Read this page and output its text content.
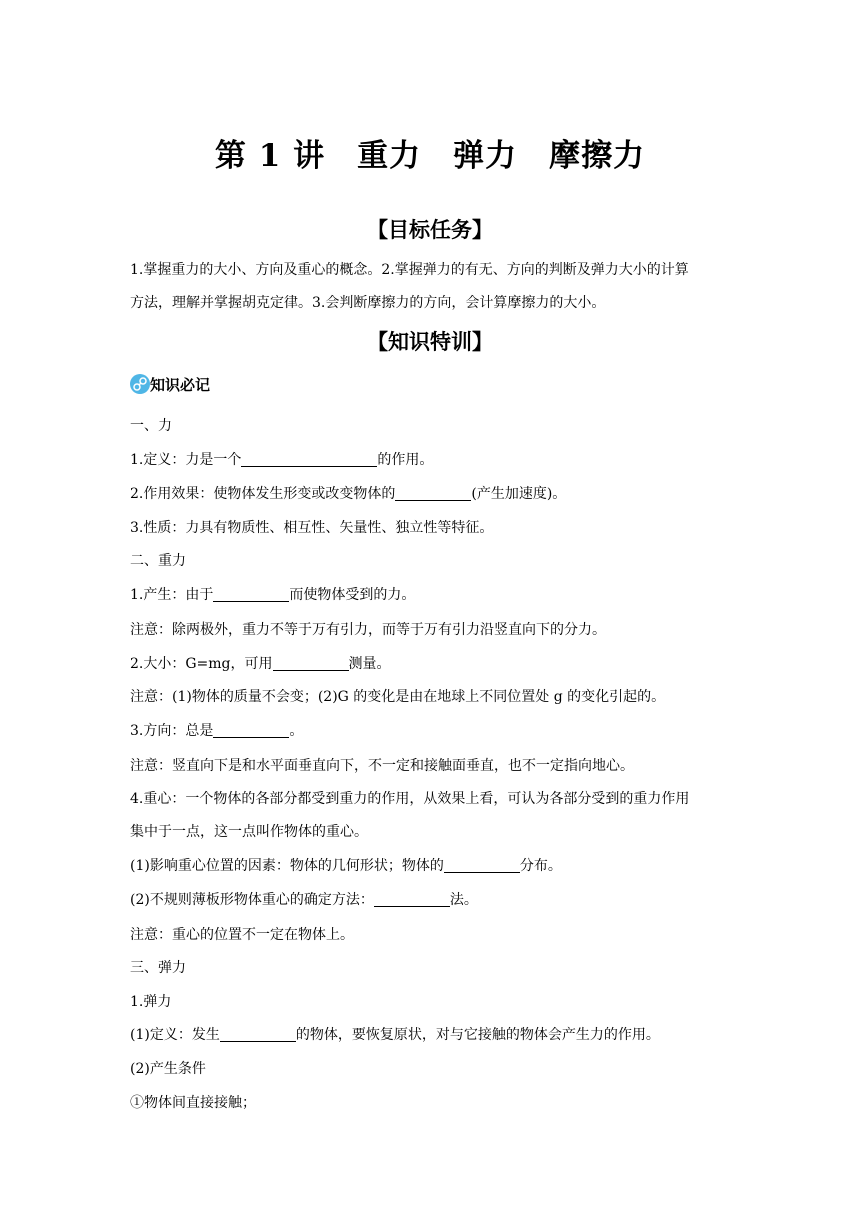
第 1 讲　重力　弹力　摩擦力
【目标任务】
1.掌握重力的大小、方向及重心的概念。2.掌握弹力的有无、方向的判断及弹力大小的计算
方法，理解并掌握胡克定律。3.会判断摩擦力的方向，会计算摩擦力的大小。
【知识特训】
知识必记
一、力
1.定义：力是一个	的作用。
2.作用效果：使物体发生形变或改变物体的	(产生加速度)。
3.性质：力具有物质性、相互性、矢量性、独立性等特征。
二、重力
1.产生：由于	而使物体受到的力。
注意：除两极外，重力不等于万有引力，而等于万有引力沿竖直向下的分力。
2.大小：G=mg，可用	测量。
注意：(1)物体的质量不会变；(2)G 的变化是由在地球上不同位置处 g 的变化引起的。
3.方向：总是	。
注意：竖直向下是和水平面垂直向下，不一定和接触面垂直，也不一定指向地心。
4.重心：一个物体的各部分都受到重力的作用，从效果上看，可认为各部分受到的重力作用
集中于一点，这一点叫作物体的重心。
(1)影响重心位置的因素：物体的几何形状；物体的	分布。
(2)不规则薄板形物体重心的确定方法：	法。
注意：重心的位置不一定在物体上。
三、弹力
1.弹力
(1)定义：发生	的物体，要恢复原状，对与它接触的物体会产生力的作用。
(2)产生条件
①物体间直接接触；
